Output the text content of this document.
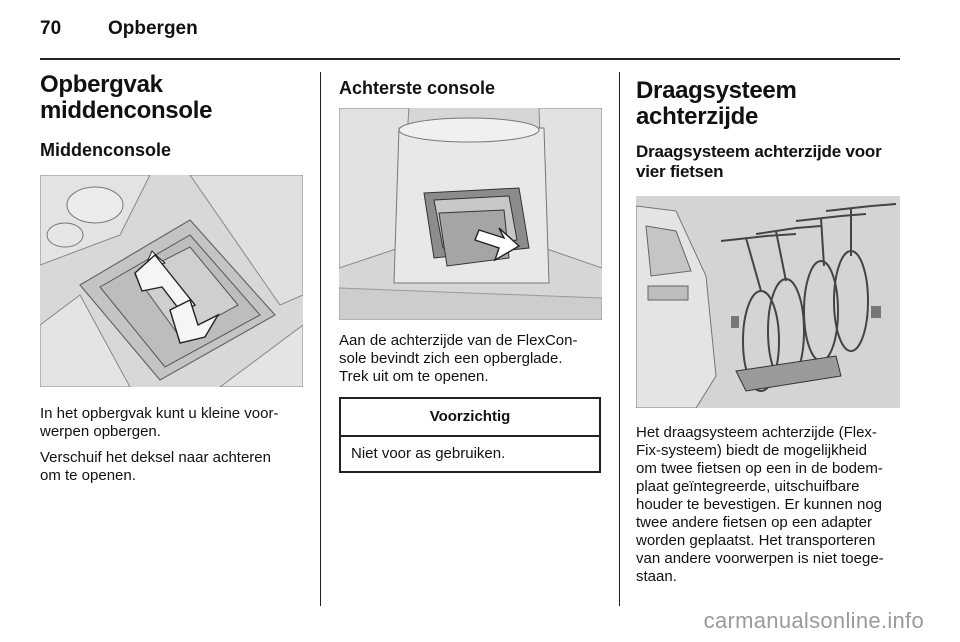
70 Opbergen
Opbergvak
middenconsole
Middenconsole

In het opbergvak kunt u kleine voor-
werpen opbergen.

Verschuif het deksel naar achteren
om te openen.

Achterste console

Aan de achterzijde van de FlexCon-
sole bevindt zich een opberglade.
Trek uit om te openen.

Voorzichtig
Niet voor as gebruiken.
Draagsysteem achterzijde
Draagsysteem achterzijde voor
vier fietsen

Het draagsysteem achterzijde (Flex-
Fix-systeem) biedt de mogelijkheid
om twee fietsen op een in de bodem-
plaat geïntegreerde, uitschuifbare
houder te bevestigen. Er kunnen nog
twee andere fietsen op een adapter
worden geplaatst. Het transporteren
van andere voorwerpen is niet toege-
staan.

carmanualsonline.info
